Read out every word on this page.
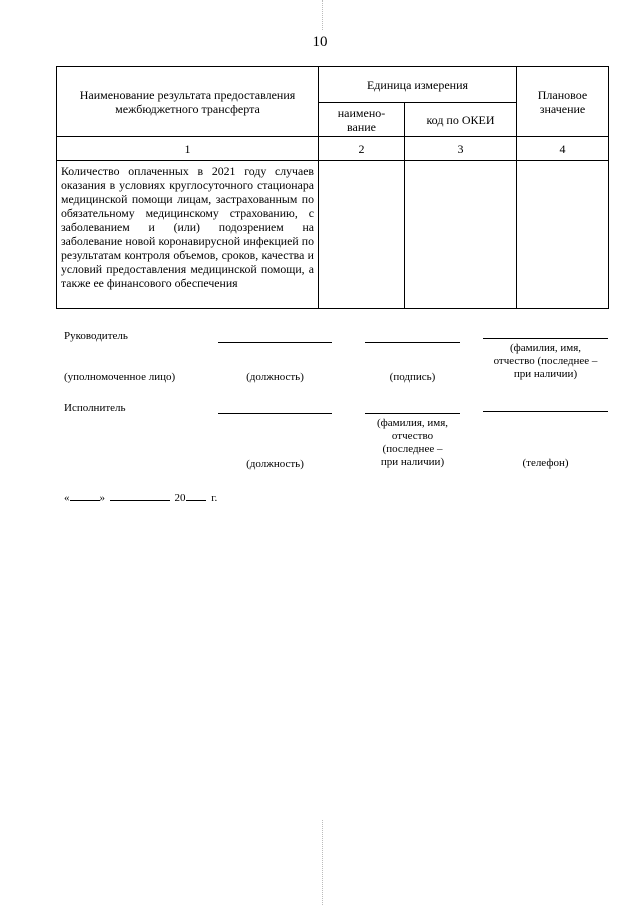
10
Наименование результата предоставления межбюджетного трансферта	Единица измерения		Плановое значение
	наимено-вание	код по ОКЕИ	
1	2	3	4
Количество оплаченных в 2021 году случаев оказания в условиях круглосуточного стационара медицинской помощи лицам, застрахованным по обязательному медицинскому страхованию, с заболеванием и (или) подозрением на заболевание новой коронавирусной инфекцией по результатам контроля объемов, сроков, качества и условий предоставления медицинской помощи, а также ее финансового обеспечения			
Руководитель
(фамилия, имя,
отчество (последнее –
при наличии)
(уполномоченное лицо)	(должность)	(подпись)
Исполнитель
(фамилия, имя,
отчество
(последнее –
при наличии)
(должность)	(телефон)
«	»	20 г.
